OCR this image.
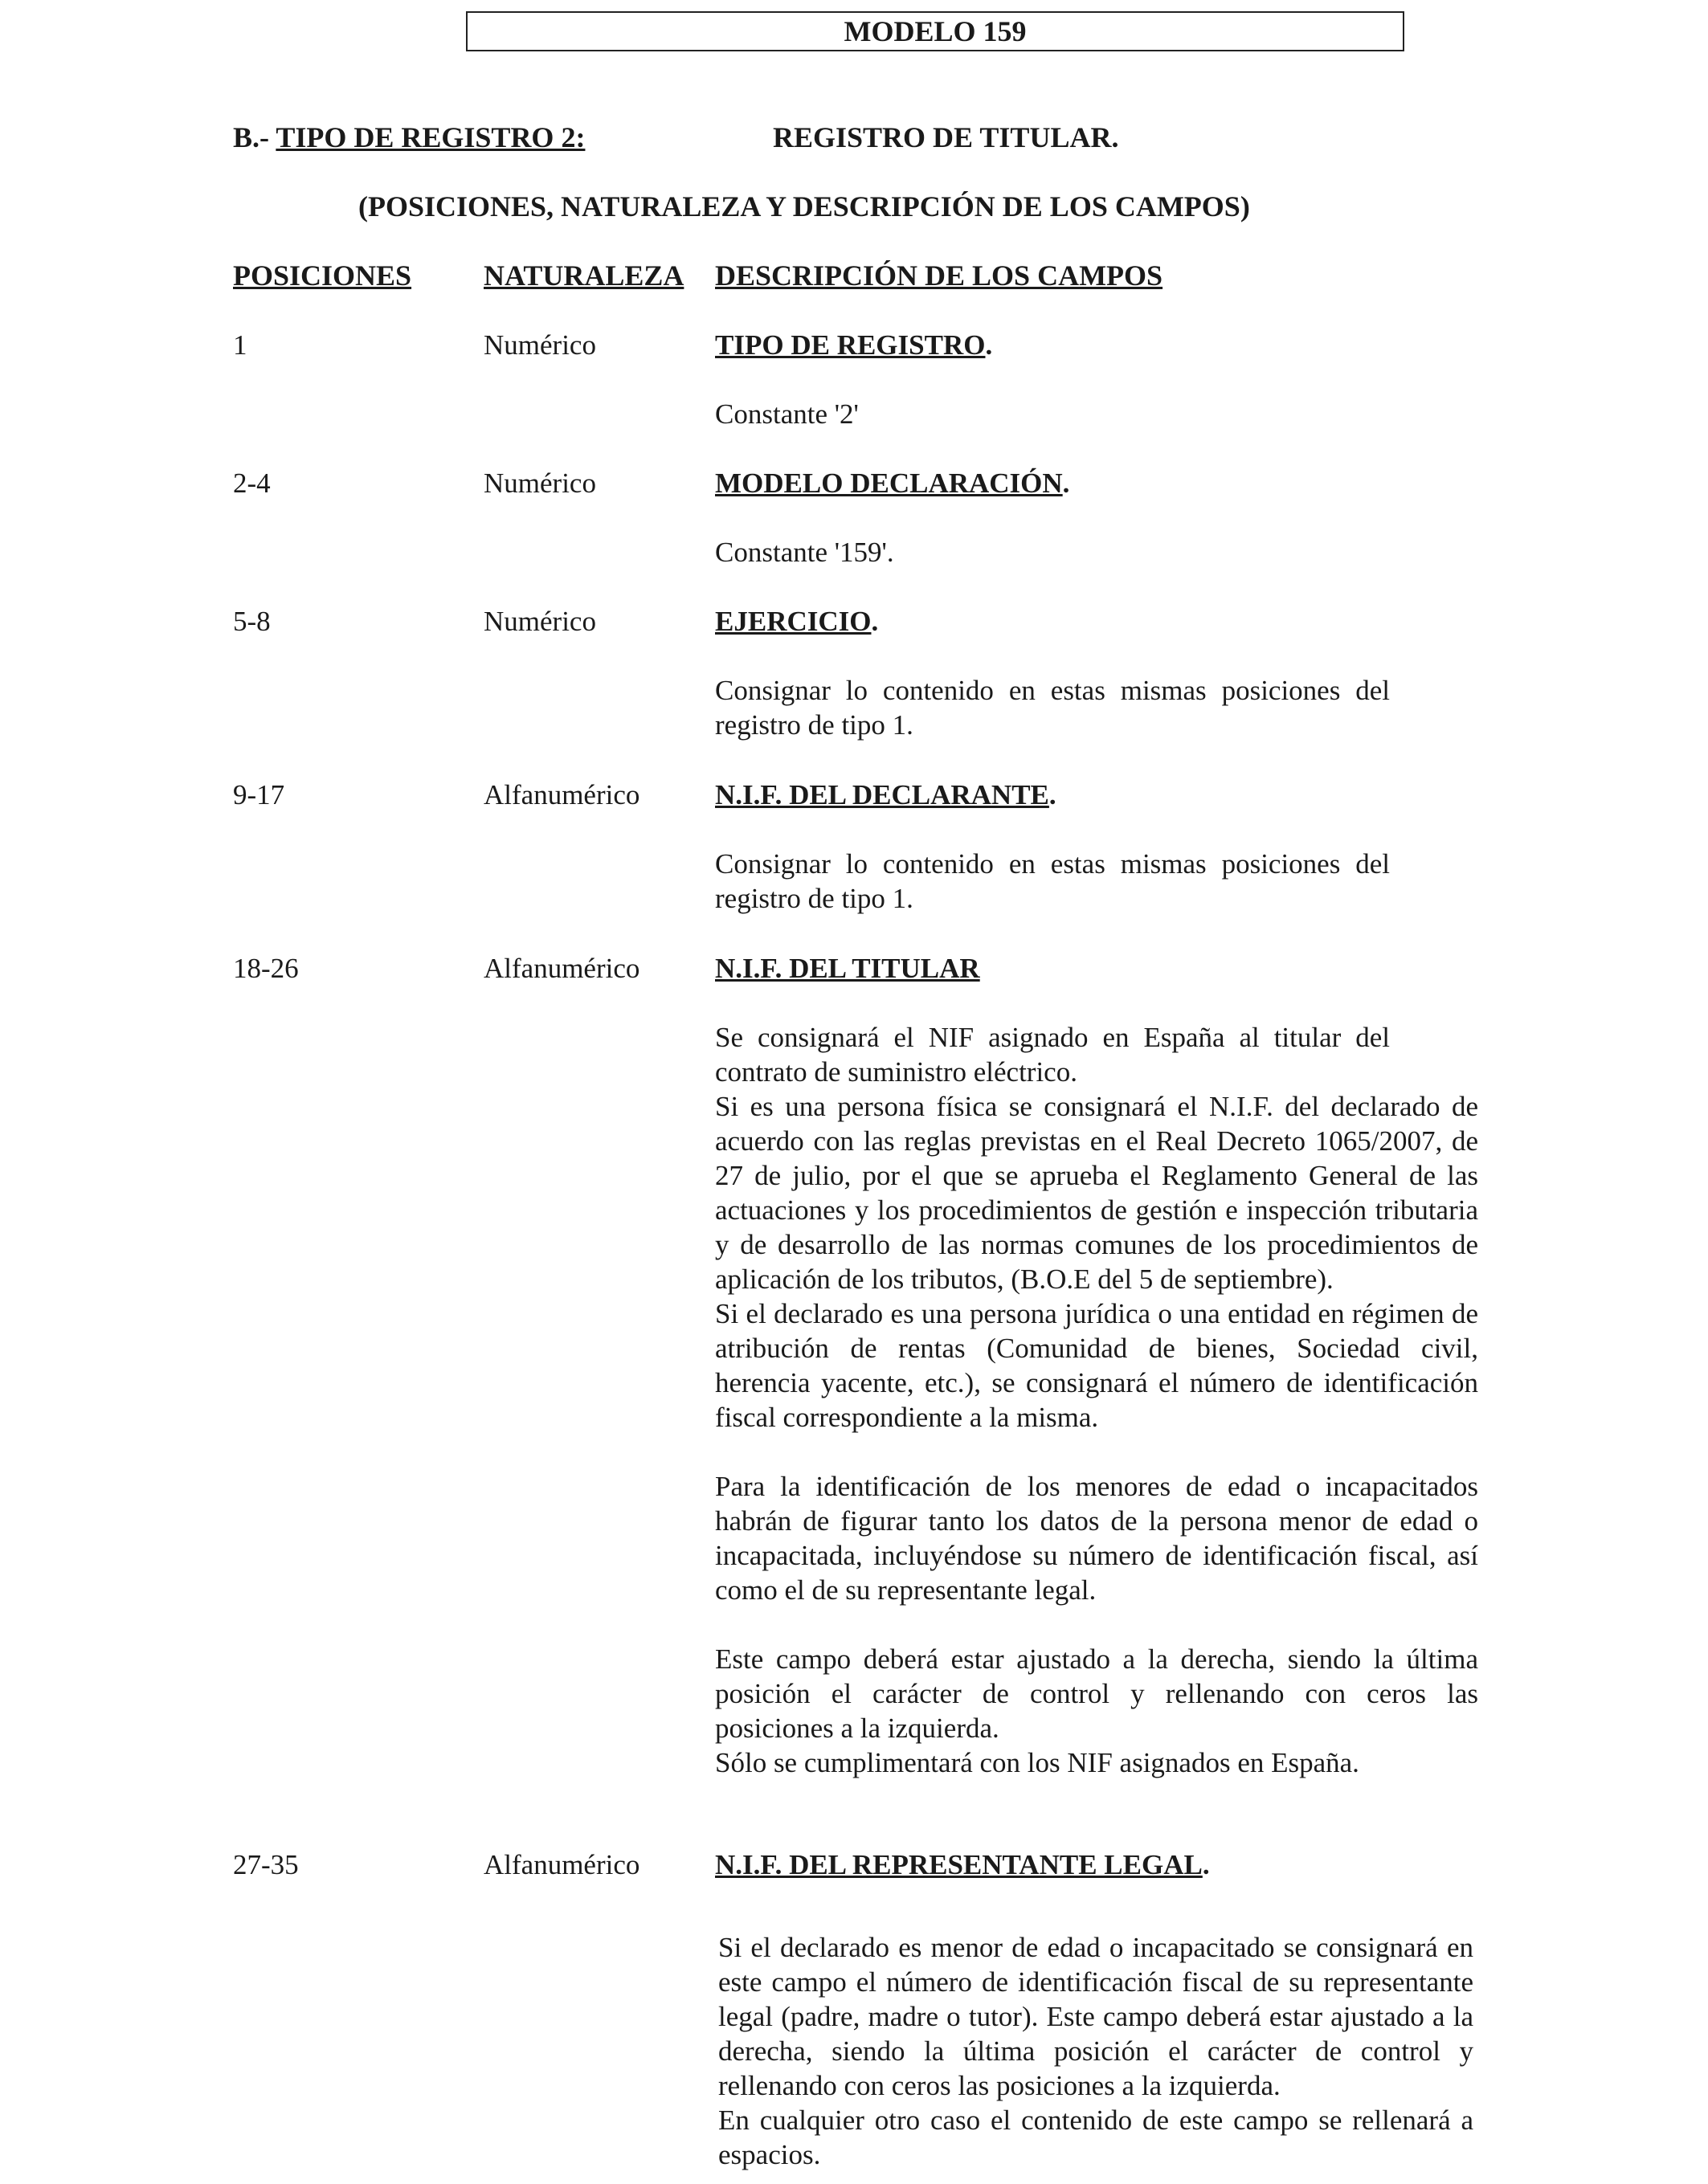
MODELO 159
B.- TIPO DE REGISTRO 2:	REGISTRO DE TITULAR.
(POSICIONES, NATURALEZA Y DESCRIPCIÓN DE LOS CAMPOS)
POSICIONES NATURALEZA DESCRIPCIÓN DE LOS CAMPOS
1	Numérico	TIPO DE REGISTRO.

Constante '2'

2-4	Numérico	MODELO DECLARACIÓN.

Constante '159'.

5-8	Numérico	EJERCICIO.

Consignar lo contenido en estas mismas posiciones del registro de tipo 1.

9-17	Alfanumérico	N.I.F. DEL DECLARANTE.

Consignar lo contenido en estas mismas posiciones del registro de tipo 1.

18-26	Alfanumérico	N.I.F. DEL TITULAR

Se consignará el NIF asignado en España al titular del contrato de suministro eléctrico.

Si es una persona física se consignará el N.I.F. del declarado de acuerdo con las reglas previstas en el Real Decreto 1065/2007, de 27 de julio, por el que se aprueba el Reglamento General de las actuaciones y los procedimientos de gestión e inspección tributaria y de desarrollo de las normas comunes de los procedimientos de aplicación de los tributos, (B.O.E del 5 de septiembre).

Si el declarado es una persona jurídica o una entidad en régimen de atribución de rentas (Comunidad de bienes, Sociedad civil, herencia yacente, etc.), se consignará el número de identificación fiscal correspondiente a la misma.

Para la identificación de los menores de edad o incapacitados habrán de figurar tanto los datos de la persona menor de edad o incapacitada, incluyéndose su número de identificación fiscal, así como el de su representante legal.

Este campo deberá estar ajustado a la derecha, siendo la última posición el carácter de control y rellenando con ceros las posiciones a la izquierda.

Sólo se cumplimentará con los NIF asignados en España.

27-35	Alfanumérico	N.I.F. DEL REPRESENTANTE LEGAL.

Si el declarado es menor de edad o incapacitado se consignará en este campo el número de identificación fiscal de su representante legal (padre, madre o tutor). Este campo deberá estar ajustado a la derecha, siendo la última posición el carácter de control y rellenando con ceros las posiciones a la izquierda.

En cualquier otro caso el contenido de este campo se rellenará a espacios.
